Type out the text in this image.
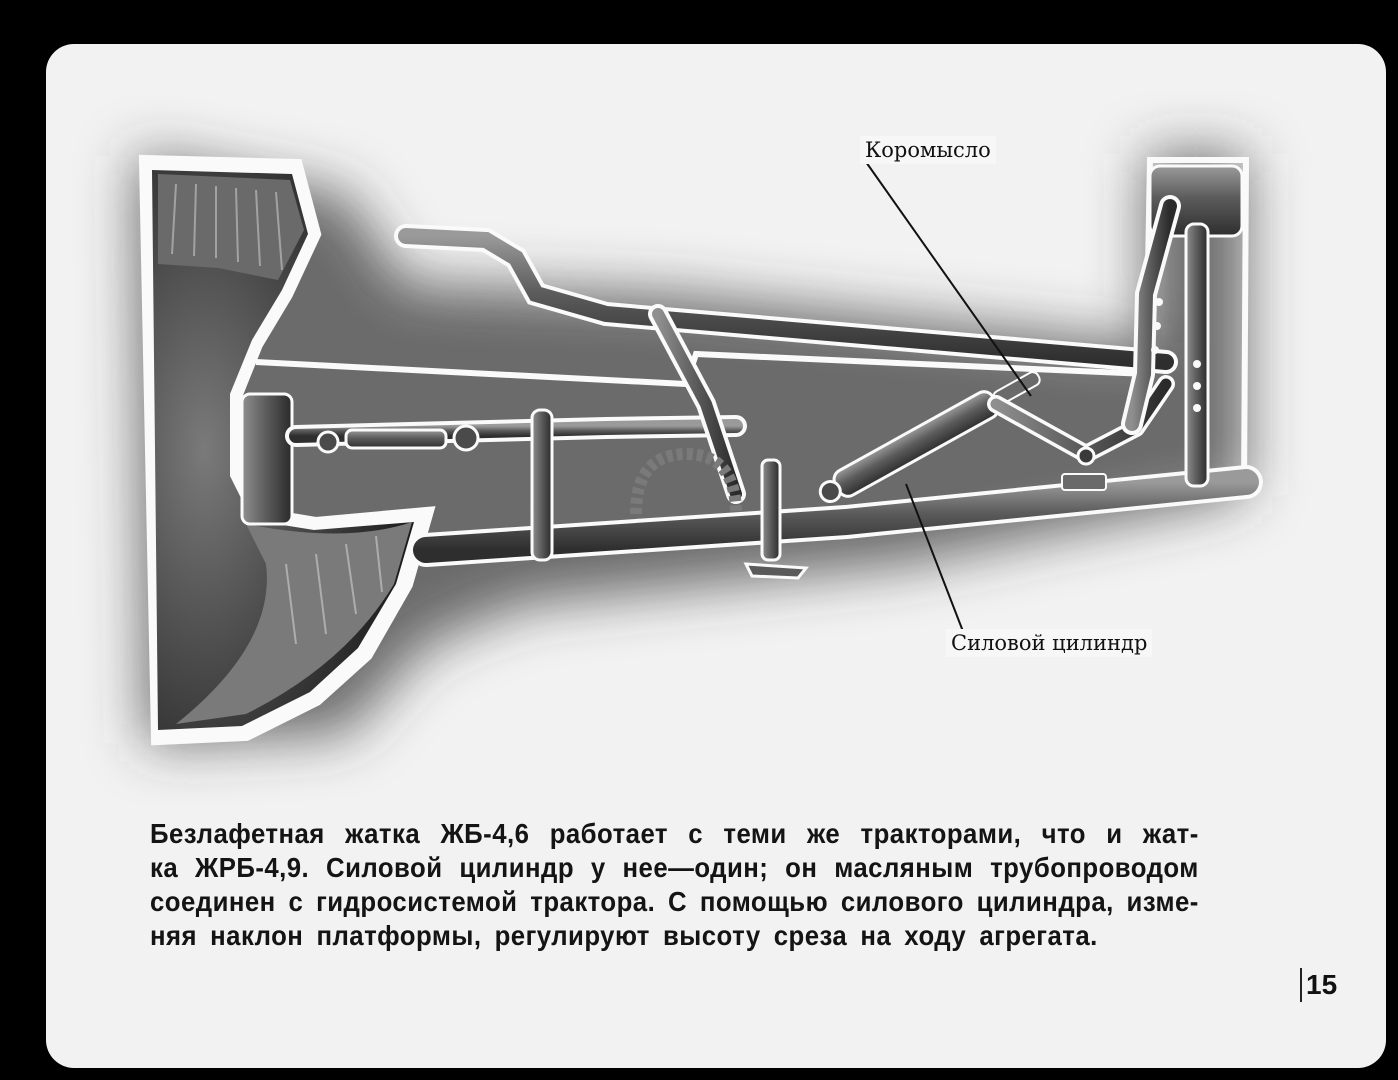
Коромысло
Силовой цилиндр
Безлафетная жатка ЖБ-4,6 работает с теми же тракторами, что и жат-
ка ЖРБ-4,9. Силовой цилиндр у нее—один; он масляным трубопроводом
соединен с гидросистемой трактора. С помощью силового цилиндра, изме-
няя наклон платформы, регулируют высоту среза на ходу агрегата.
15
